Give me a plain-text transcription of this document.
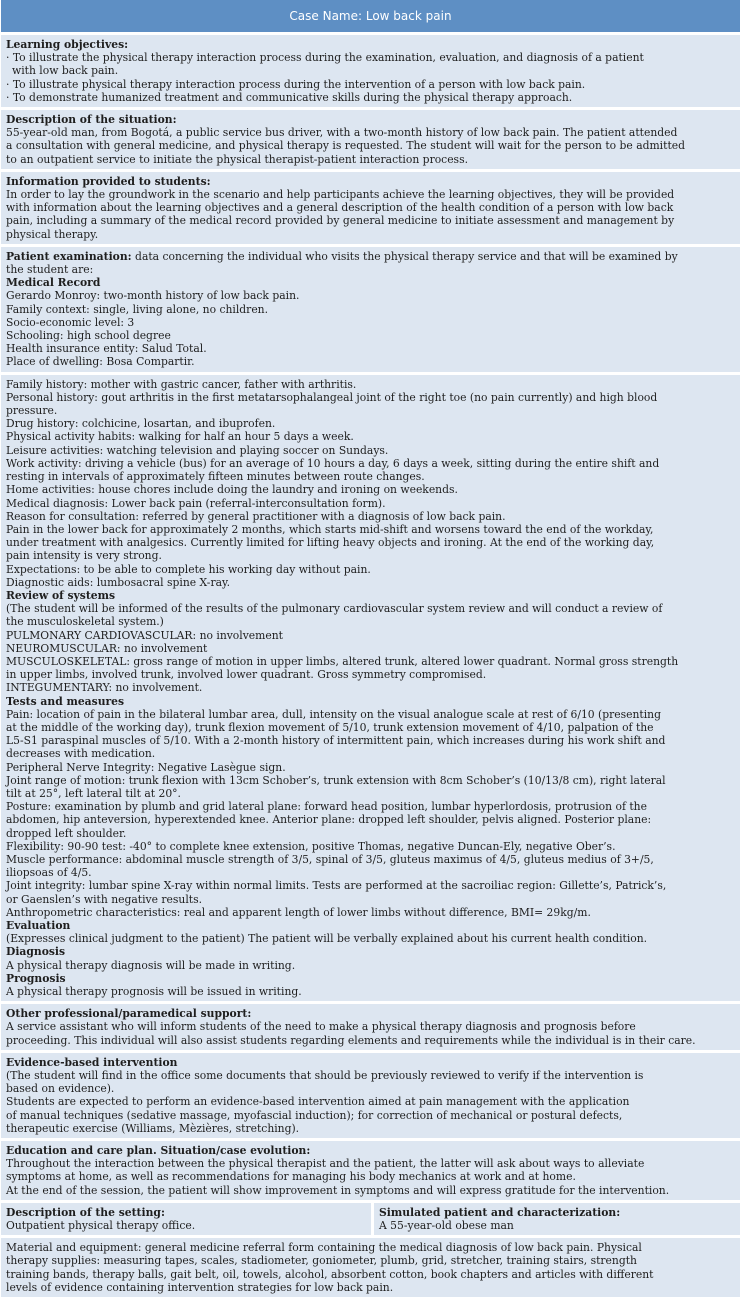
Case Name: Low back pain
Learning objectives:
· To illustrate the physical therapy interaction process during the examination, evaluation, and diagnosis of a patient
with low back pain.
· To illustrate physical therapy interaction process during the intervention of a person with low back pain.
· To demonstrate humanized treatment and communicative skills during the physical therapy approach.
Description of the situation:
55-year-old man, from Bogotá, a public service bus driver, with a two-month history of low back pain. The patient attended
a consultation with general medicine, and physical therapy is requested. The student will wait for the person to be admitted
to an outpatient service to initiate the physical therapist-patient interaction process.
Information provided to students:
In order to lay the groundwork in the scenario and help participants achieve the learning objectives, they will be provided
with information about the learning objectives and a general description of the health condition of a person with low back
pain, including a summary of the medical record provided by general medicine to initiate assessment and management by
physical therapy.
Patient examination: data concerning the individual who visits the physical therapy service and that will be examined by
the student are:
Medical Record
Gerardo Monroy: two-month history of low back pain.
Family context: single, living alone, no children.
Socio-economic level: 3
Schooling: high school degree
Health insurance entity: Salud Total.
Place of dwelling: Bosa Compartir.
Family history: mother with gastric cancer, father with arthritis.
Personal history: gout arthritis in the first metatarsophalangeal joint of the right toe (no pain currently) and high blood
pressure.
Drug history: colchicine, losartan, and ibuprofen.
Physical activity habits: walking for half an hour 5 days a week.
Leisure activities: watching television and playing soccer on Sundays.
Work activity: driving a vehicle (bus) for an average of 10 hours a day, 6 days a week, sitting during the entire shift and
resting in intervals of approximately fifteen minutes between route changes.
Home activities: house chores include doing the laundry and ironing on weekends.
Medical diagnosis: Lower back pain (referral-interconsultation form).
Reason for consultation: referred by general practitioner with a diagnosis of low back pain.
Pain in the lower back for approximately 2 months, which starts mid-shift and worsens toward the end of the workday,
under treatment with analgesics. Currently limited for lifting heavy objects and ironing. At the end of the working day,
pain intensity is very strong.
Expectations: to be able to complete his working day without pain.
Diagnostic aids: lumbosacral spine X-ray.
Review of systems
(The student will be informed of the results of the pulmonary cardiovascular system review and will conduct a review of
the musculoskeletal system.)
PULMONARY CARDIOVASCULAR: no involvement
NEUROMUSCULAR: no involvement
MUSCULOSKELETAL: gross range of motion in upper limbs, altered trunk, altered lower quadrant. Normal gross strength
in upper limbs, involved trunk, involved lower quadrant. Gross symmetry compromised.
INTEGUMENTARY: no involvement.
Tests and measures
Pain: location of pain in the bilateral lumbar area, dull, intensity on the visual analogue scale at rest of 6/10 (presenting
at the middle of the working day), trunk flexion movement of 5/10, trunk extension movement of 4/10, palpation of the
L5-S1 paraspinal muscles of 5/10. With a 2-month history of intermittent pain, which increases during his work shift and
decreases with medication.
Peripheral Nerve Integrity: Negative Lasègue sign.
Joint range of motion: trunk flexion with 13cm Schober’s, trunk extension with 8cm Schober’s (10/13/8 cm), right lateral
tilt at 25°, left lateral tilt at 20°.
Posture: examination by plumb and grid lateral plane: forward head position, lumbar hyperlordosis, protrusion of the
abdomen, hip anteversion, hyperextended knee. Anterior plane: dropped left shoulder, pelvis aligned. Posterior plane:
dropped left shoulder.
Flexibility: 90-90 test: -40° to complete knee extension, positive Thomas, negative Duncan-Ely, negative Ober’s.
Muscle performance: abdominal muscle strength of 3/5, spinal of 3/5, gluteus maximus of 4/5, gluteus medius of 3+/5,
iliopsoas of 4/5.
Joint integrity: lumbar spine X-ray within normal limits. Tests are performed at the sacroiliac region: Gillette’s, Patrick’s,
or Gaenslen’s with negative results.
Anthropometric characteristics: real and apparent length of lower limbs without difference, BMI= 29kg/m.
Evaluation
(Expresses clinical judgment to the patient) The patient will be verbally explained about his current health condition.
Diagnosis
A physical therapy diagnosis will be made in writing.
Prognosis
A physical therapy prognosis will be issued in writing.
Other professional/paramedical support:
A service assistant who will inform students of the need to make a physical therapy diagnosis and prognosis before
proceeding. This individual will also assist students regarding elements and requirements while the individual is in their care.
Evidence-based intervention
(The student will find in the office some documents that should be previously reviewed to verify if the intervention is
based on evidence).
Students are expected to perform an evidence-based intervention aimed at pain management with the application
of manual techniques (sedative massage, myofascial induction); for correction of mechanical or postural defects,
therapeutic exercise (Williams, Mèzières, stretching).
Education and care plan. Situation/case evolution:
Throughout the interaction between the physical therapist and the patient, the latter will ask about ways to alleviate
symptoms at home, as well as recommendations for managing his body mechanics at work and at home.
At the end of the session, the patient will show improvement in symptoms and will express gratitude for the intervention.
Description of the setting:
Outpatient physical therapy office.
Simulated patient and characterization:
A 55-year-old obese man
Material and equipment: general medicine referral form containing the medical diagnosis of low back pain. Physical
therapy supplies: measuring tapes, scales, stadiometer, goniometer, plumb, grid, stretcher, training stairs, strength
training bands, therapy balls, gait belt, oil, towels, alcohol, absorbent cotton, book chapters and articles with different
levels of evidence containing intervention strategies for low back pain.
